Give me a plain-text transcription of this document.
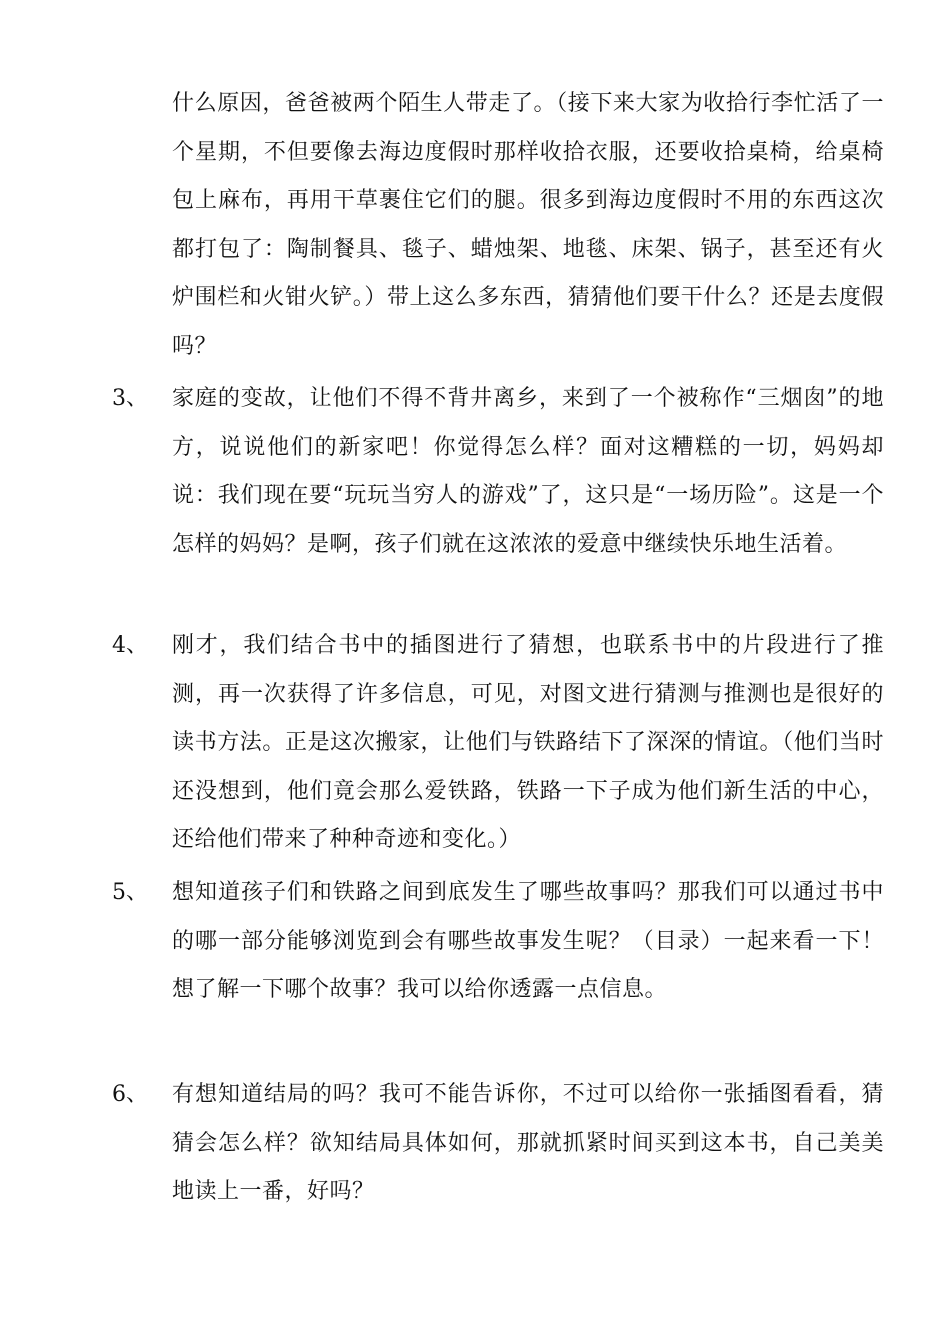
什么原因，爸爸被两个陌生人带走了。（接下来大家为收拾行李忙活了一个星期，不但要像去海边度假时那样收拾衣服，还要收拾桌椅，给桌椅包上麻布，再用干草裹住它们的腿。很多到海边度假时不用的东西这次都打包了：陶制餐具、毯子、蜡烛架、地毯、床架、锅子，甚至还有火炉围栏和火钳火铲。）带上这么多东西，猜猜他们要干什么？还是去度假吗？
3、	家庭的变故，让他们不得不背井离乡，来到了一个被称作“三烟囱”的地方，说说他们的新家吧！你觉得怎么样？面对这糟糕的一切，妈妈却说：我们现在要“玩玩当穷人的游戏”了，这只是“一场历险”。这是一个怎样的妈妈？是啊，孩子们就在这浓浓的爱意中继续快乐地生活着。
4、	刚才，我们结合书中的插图进行了猜想，也联系书中的片段进行了推测，再一次获得了许多信息，可见，对图文进行猜测与推测也是很好的读书方法。正是这次搬家，让他们与铁路结下了深深的情谊。（他们当时还没想到，他们竟会那么爱铁路，铁路一下子成为他们新生活的中心，还给他们带来了种种奇迹和变化。）
5、	想知道孩子们和铁路之间到底发生了哪些故事吗？那我们可以通过书中的哪一部分能够浏览到会有哪些故事发生呢？（目录）一起来看一下！想了解一下哪个故事？我可以给你透露一点信息。
6、	有想知道结局的吗？我可不能告诉你，不过可以给你一张插图看看，猜猜会怎么样？欲知结局具体如何，那就抓紧时间买到这本书，自己美美地读上一番，好吗？
